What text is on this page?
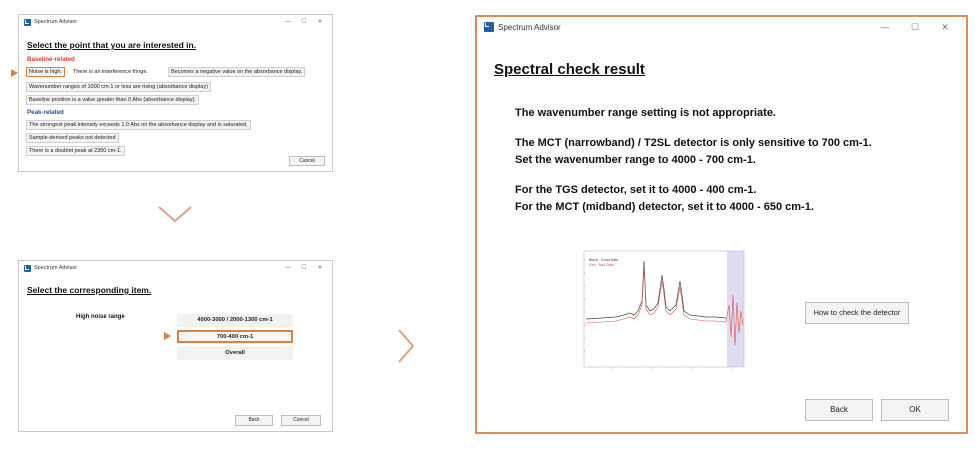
Spectrum Advisor	—	☐	✕
Select the point that you are interested in.
Baseline-related
Noise is high.	There is an interference fringe.	Becomes a negative value on the absorbance display.
Wavenumber ranges of 1000 cm-1 or less are rising (absorbance display)
Baseline position is a value greater than 0 Abs (absorbance display).
Peak-related
The strongest peak intensity exceeds 1.0 Abs on the absorbance display and is saturated.
Sample-derived peaks not detected
There is a doublet peak at 2350 cm-1.
Cancel
Spectrum Advisor	—	☐	✕
Select the corresponding item.
High noise range	4000-3000 / 2000-1300 cm-1
700-400 cm-1
Overall
Back	Cancel
Spectrum Advisor	—	☐	✕
Spectral check result
The wavenumber range setting is not appropriate.
The MCT (narrowband) / T2SL detector is only sensitive to 700 cm-1.
Set the wavenumber range to 4000 - 700 cm-1.
For the TGS detector, set it to 4000 - 400 cm-1.
For the MCT (midband) detector, set it to 4000 - 650 cm-1.
Black : Good Data
Red : Bad Data
How to check the detector
Back	OK
